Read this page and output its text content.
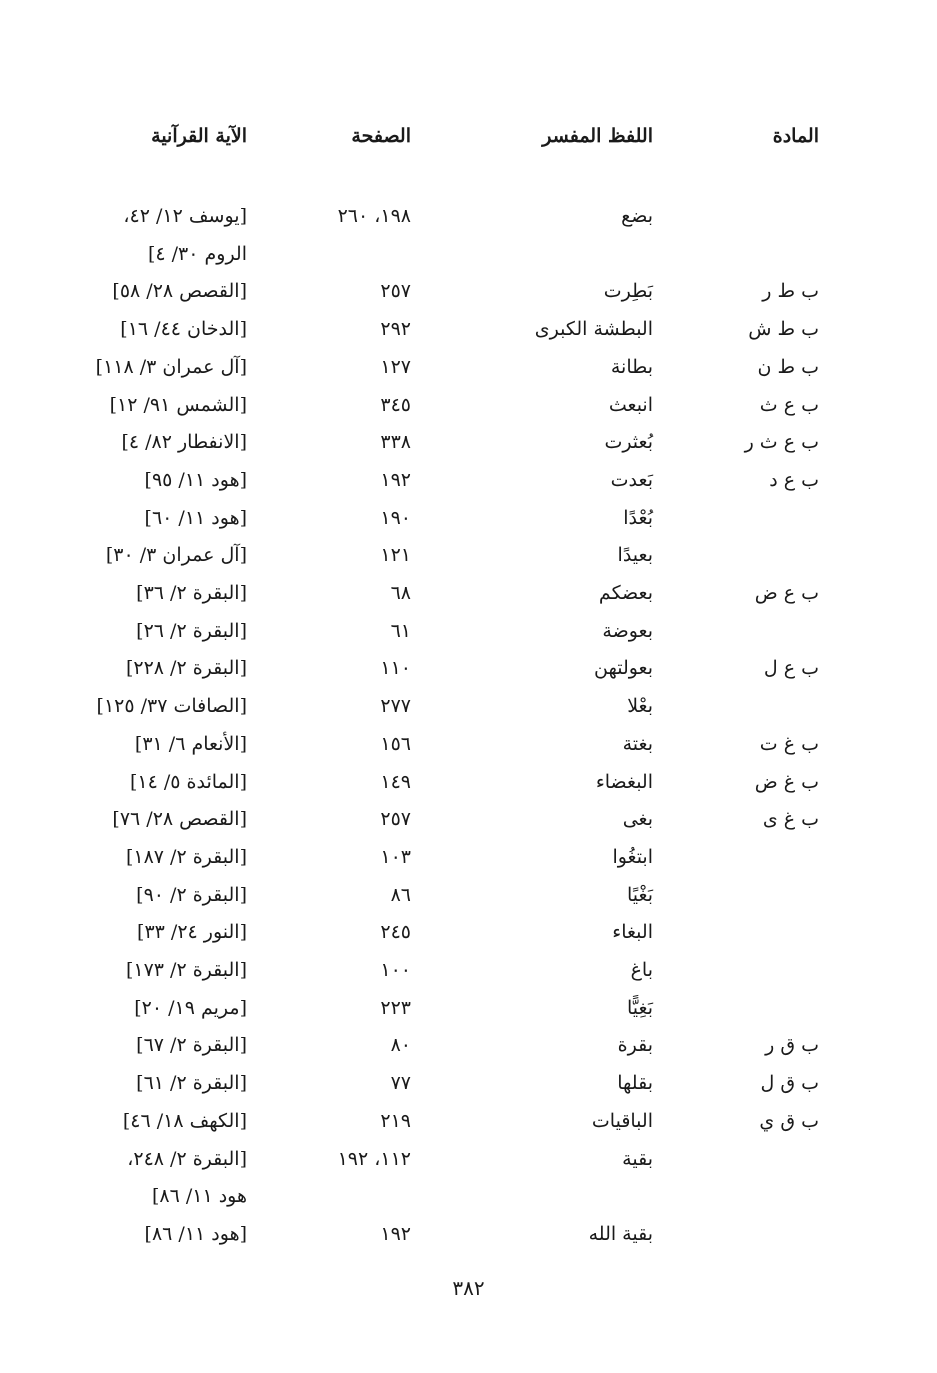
المادة
اللفظ المفسر
الصفحة
الآية القرآنية
بضع
١٩٨، ٢٦٠
[يوسف ١٢/ ٤٢،
الروم ٣٠/ ٤]
ب ط ر
بَطِرت
٢٥٧
[القصص ٢٨/ ٥٨]
ب ط ش
البطشة الكبرى
٢٩٢
[الدخان ٤٤/ ١٦]
ب ط ن
بطانة
١٢٧
[آل عمران ٣/ ١١٨]
ب ع ث
انبعث
٣٤٥
[الشمس ٩١/ ١٢]
ب ع ث ر
بُعثرت
٣٣٨
[الانفطار ٨٢/ ٤]
ب ع د
بَعدت
١٩٢
[هود ١١/ ٩٥]
بُعْدًا
١٩٠
[هود ١١/ ٦٠]
بعيدًا
١٢١
[آل عمران ٣/ ٣٠]
ب ع ض
بعضكم
٦٨
[البقرة ٢/ ٣٦]
بعوضة
٦١
[البقرة ٢/ ٢٦]
ب ع ل
بعولتهن
١١٠
[البقرة ٢/ ٢٢٨]
بعْلا
٢٧٧
[الصافات ٣٧/ ١٢٥]
ب غ ت
بغتة
١٥٦
[الأنعام ٦/ ٣١]
ب غ ض
البغضاء
١٤٩
[المائدة ٥/ ١٤]
ب غ ى
بغى
٢٥٧
[القصص ٢٨/ ٧٦]
ابتغُوا
١٠٣
[البقرة ٢/ ١٨٧]
بَغْيًا
٨٦
[البقرة ٢/ ٩٠]
البغاء
٢٤٥
[النور ٢٤/ ٣٣]
باغ
١٠٠
[البقرة ٢/ ١٧٣]
بَغِيًّا
٢٢٣
[مريم ١٩/ ٢٠]
ب ق ر
بقرة
٨٠
[البقرة ٢/ ٦٧]
ب ق ل
بقلها
٧٧
[البقرة ٢/ ٦١]
ب ق ي
الباقيات
٢١٩
[الكهف ١٨/ ٤٦]
بقية
١١٢، ١٩٢
[البقرة ٢/ ٢٤٨،
هود ١١/ ٨٦]
بقية الله
١٩٢
[هود ١١/ ٨٦]
٣٨٢
